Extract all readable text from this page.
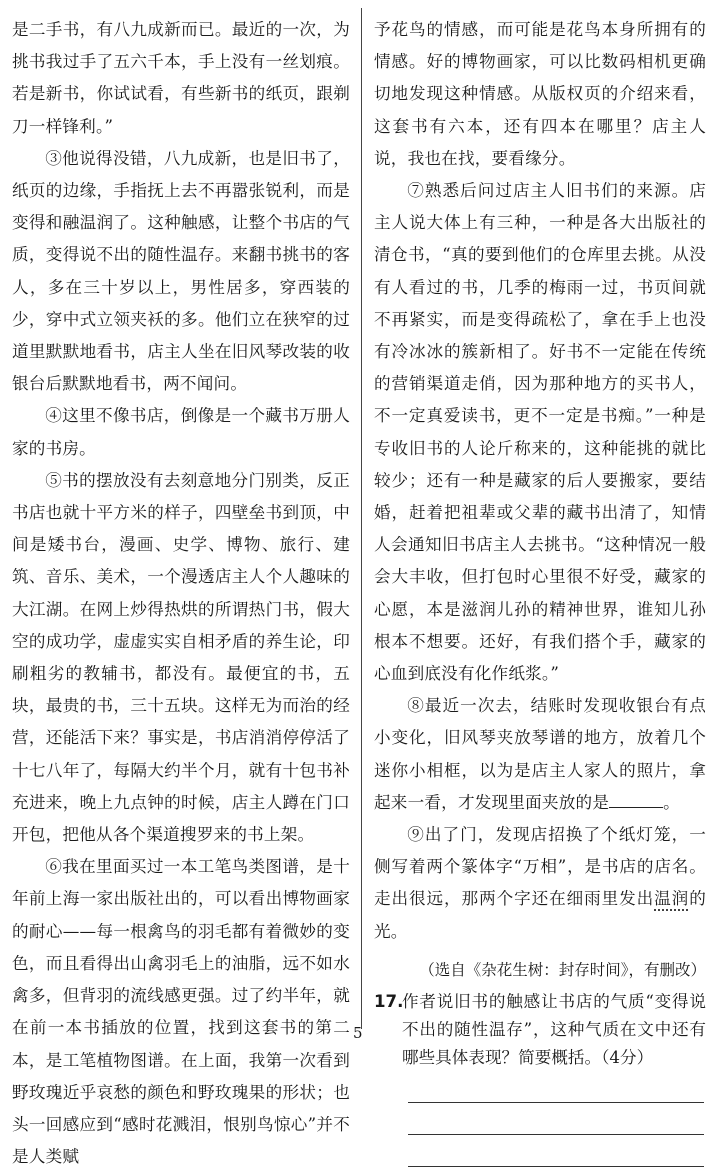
是二手书，有八九成新而已。最近的一次，为挑书我过手了五六千本，手上没有一丝划痕。若是新书，你试试看，有些新书的纸页，跟剃刀一样锋利。”

③他说得没错，八九成新，也是旧书了，纸页的边缘，手指抚上去不再嚣张锐利，而是变得和融温润了。这种触感，让整个书店的气质，变得说不出的随性温存。来翻书挑书的客人，多在三十岁以上，男性居多，穿西装的少，穿中式立领夹袄的多。他们立在狭窄的过道里默默地看书，店主人坐在旧风琴改装的收银台后默默地看书，两不闻问。

④这里不像书店，倒像是一个藏书万册人家的书房。

⑤书的摆放没有去刻意地分门别类，反正书店也就十平方米的样子，四壁垒书到顶，中间是矮书台，漫画、史学、博物、旅行、建筑、音乐、美术，一个漫透店主人个人趣味的大江湖。在网上炒得热烘的所谓热门书，假大空的成功学，虚虚实实自相矛盾的养生论，印刷粗劣的教辅书，都没有。最便宜的书，五块，最贵的书，三十五块。这样无为而治的经营，还能活下来？事实是，书店消消停停活了十七八年了，每隔大约半个月，就有十包书补充进来，晚上九点钟的时候，店主人蹲在门口开包，把他从各个渠道搜罗来的书上架。

⑥我在里面买过一本工笔鸟类图谱，是十年前上海一家出版社出的，可以看出博物画家的耐心——每一根禽鸟的羽毛都有着微妙的变色，而且看得出山禽羽毛上的油脂，远不如水禽多，但背羽的流线感更强。过了约半年，就在前一本书插放的位置，找到这套书的第二本，是工笔植物图谱。在上面，我第一次看到野玫瑰近乎哀愁的颜色和野玫瑰果的形状；也头一回感应到“感时花溅泪，恨别鸟惊心”并不是人类赋

予花鸟的情感，而可能是花鸟本身所拥有的情感。好的博物画家，可以比数码相机更确切地发现这种情感。从版权页的介绍来看，这套书有六本，还有四本在哪里？店主人说，我也在找，要看缘分。

⑦熟悉后问过店主人旧书们的来源。店主人说大体上有三种，一种是各大出版社的清仓书，“真的要到他们的仓库里去挑。从没有人看过的书，几季的梅雨一过，书页间就不再紧实，而是变得疏松了，拿在手上也没有冷冰冰的簇新相了。好书不一定能在传统的营销渠道走俏，因为那种地方的买书人，不一定真爱读书，更不一定是书痴。”一种是专收旧书的人论斤称来的，这种能挑的就比较少；还有一种是藏家的后人要搬家，要结婚，赶着把祖辈或父辈的藏书出清了，知情人会通知旧书店主人去挑书。“这种情况一般会大丰收，但打包时心里很不好受，藏家的心愿，本是滋润儿孙的精神世界，谁知儿孙根本不想要。还好，有我们搭个手，藏家的心血到底没有化作纸浆。”

⑧最近一次去，结账时发现收银台有点小变化，旧风琴夹放琴谱的地方，放着几个迷你小相框，以为是店主人家人的照片，拿起来一看，才发现里面夹放的是	。

⑨出了门，发现店招换了个纸灯笼，一侧写着两个篆体字“万相”，是书店的店名。走出很远，那两个字还在细雨里发出温润的光。

（选自《杂花生树：封存时间》，有删改）

17.
作者说旧书的触感让书店的气质“变得说不出的随性温存”，这种气质在文中还有哪些具体表现？简要概括。（4分）
5
